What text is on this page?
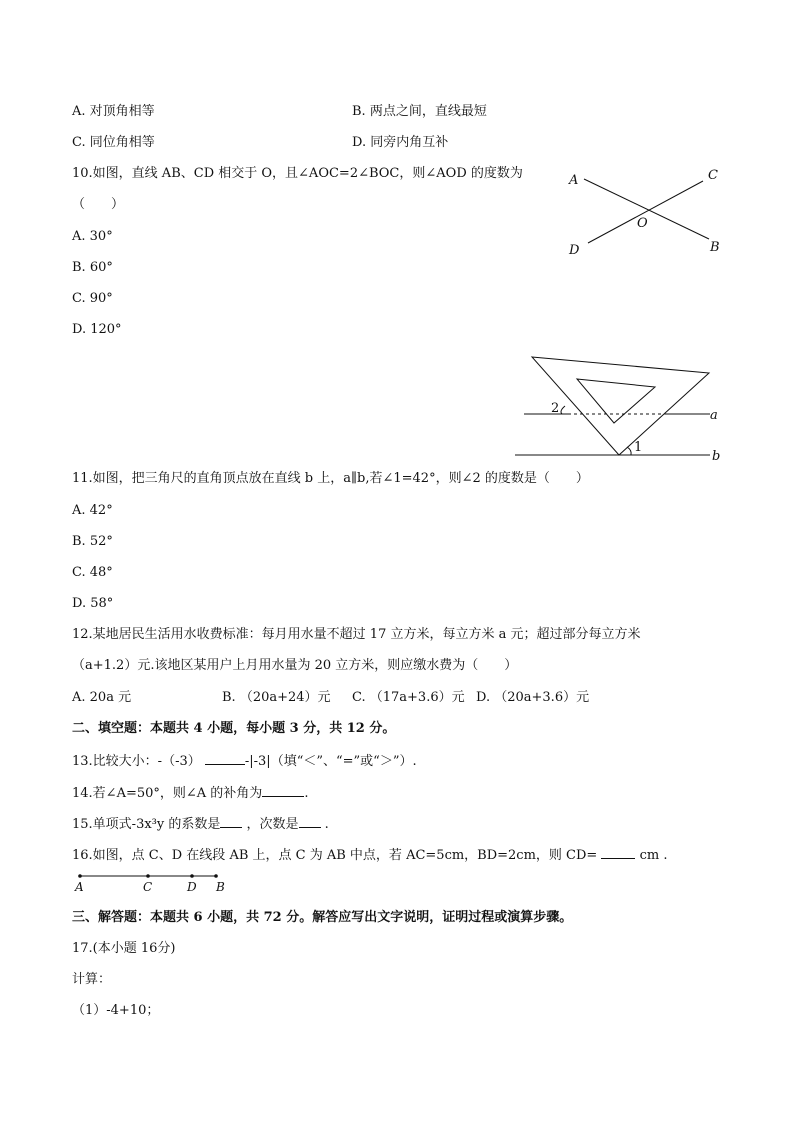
A. 对顶角相等	B. 两点之间，直线最短
C. 同位角相等	D. 同旁内角互补
10.如图，直线 AB、CD 相交于 O，且∠AOC=2∠BOC，则∠AOD 的度数为
（　　）
A. 30°
B. 60°
C. 90°
D. 120°
A	C
O
D	B
2
1
a
b
11.如图，把三角尺的直角顶点放在直线 b 上，a∥b,若∠1=42°，则∠2 的度数是（　　）
A. 42°
B. 52°
C. 48°
D. 58°
12.某地居民生活用水收费标准：每月用水量不超过 17 立方米，每立方米 a 元；超过部分每立方米
（a+1.2）元.该地区某用户上月用水量为 20 立方米，则应缴水费为（　　）
A. 20a 元	B. （20a+24）元 C. （17a+3.6）元 D. （20a+3.6）元
二、填空题：本题共 4 小题，每小题 3 分，共 12 分。
13.比较大小：-（-3）	-|-3|（填“＜”、“=”或“＞”）.
14.若∠A=50°，则∠A 的补角为	.
15.单项式-3x³y 的系数是 ，次数是 .
16.如图，点 C、D 在线段 AB 上，点 C 为 AB 中点，若 AC=5cm，BD=2cm，则 CD=	cm .
A	C	D B
三、解答题：本题共 6 小题，共 72 分。解答应写出文字说明，证明过程或演算步骤。
17.(本小题 16分)
计算：
（1）-4+10；
